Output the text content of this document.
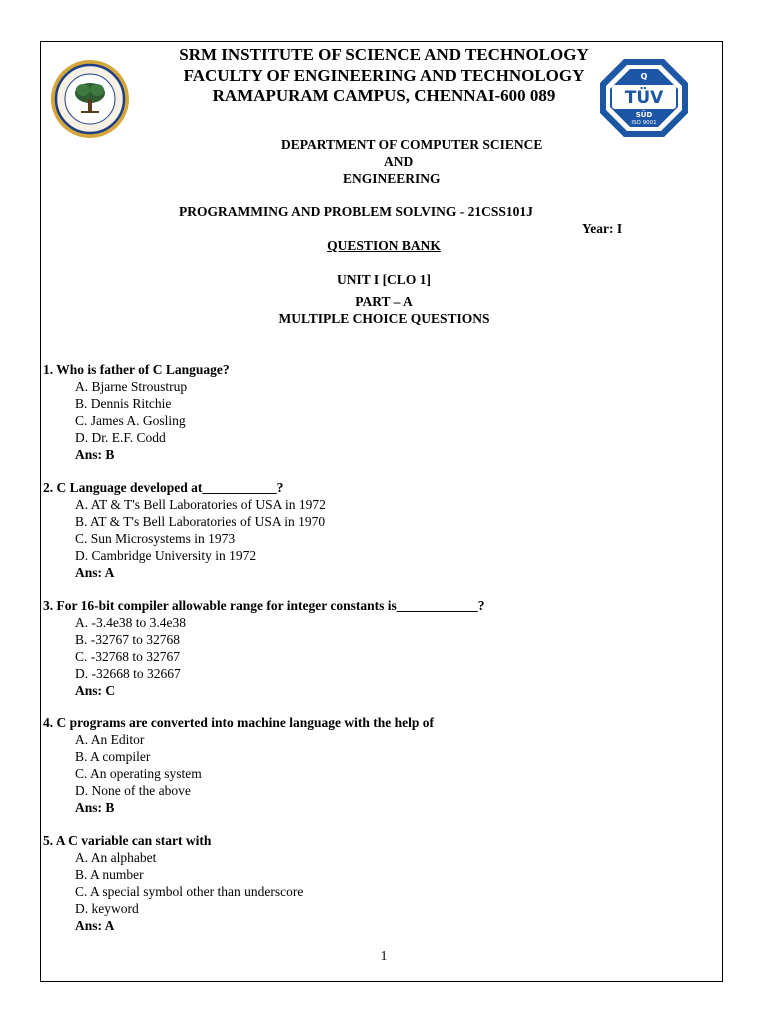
TÜV
Q
SÜD
ISO 9001
SRM INSTITUTE OF SCIENCE AND TECHNOLOGY
FACULTY OF ENGINEERING AND TECHNOLOGY
RAMAPURAM CAMPUS, CHENNAI-600 089
DEPARTMENT OF COMPUTER SCIENCE
AND
ENGINEERING
PROGRAMMING AND PROBLEM SOLVING - 21CSS101J
Year: I
QUESTION BANK
UNIT I [CLO 1]
PART – A
MULTIPLE CHOICE QUESTIONS
1. Who is father of C Language?
A. Bjarne Stroustrup
B. Dennis Ritchie
C. James A. Gosling
D. Dr. E.F. Codd
Ans: B
2. C Language developed at___________?
A. AT & T's Bell Laboratories of USA in 1972
B. AT & T's Bell Laboratories of USA in 1970
C. Sun Microsystems in 1973
D. Cambridge University in 1972
Ans: A
3. For 16-bit compiler allowable range for integer constants is____________?
A. -3.4e38 to 3.4e38
B. -32767 to 32768
C. -32768 to 32767
D. -32668 to 32667
Ans: C
4. C programs are converted into machine language with the help of
A. An Editor
B. A compiler
C. An operating system
D. None of the above
Ans: B
5. A C variable can start with
A. An alphabet
B. A number
C. A special symbol other than underscore
D. keyword
Ans: A
1
